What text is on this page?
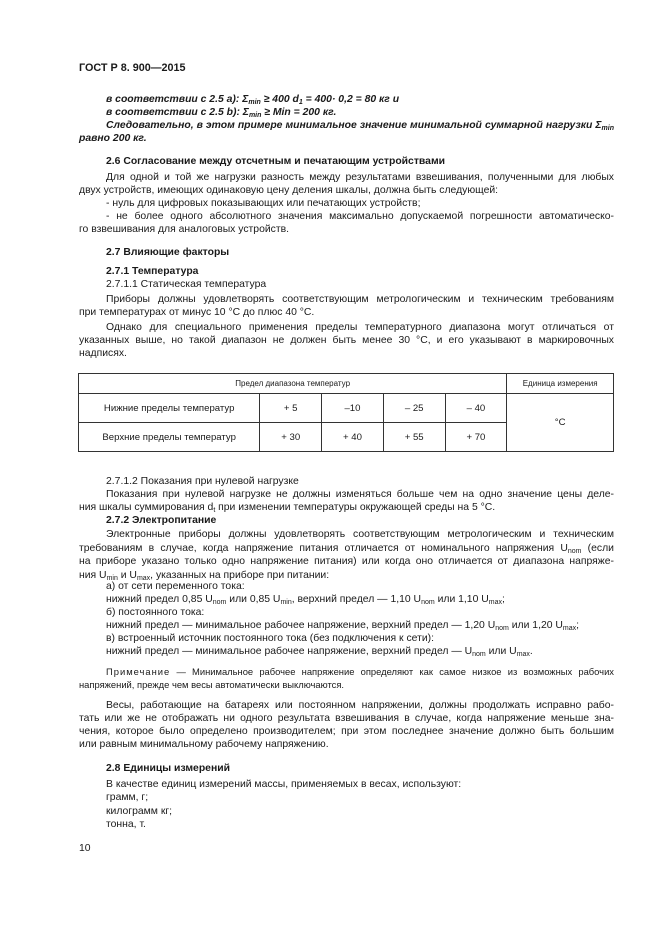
ГОСТ Р 8. 900—2015
в соответствии с 2.5 а): $\Sigma_{min} \ge 400$ $d_1 = 400\cdot 0,2 = 80$ кг и
в соответствии с 2.5 b): $\Sigma_{min}$ ≥ Min = 200 кг.
Следовательно, в этом примере минимальное значение минимальной суммарной нагрузки $\Sigma_{min}$
равно 200 кг.
2.6 Согласование между отсчетным и печатающим устройствами
Для одной и той же нагрузки разность между результатами взвешивания, полученными для любых
двух устройств, имеющих одинаковую цену деления шкалы, должна быть следующей:
- нуль для цифровых показывающих или печатающих устройств;
- не более одного абсолютного значения максимально допускаемой погрешности автоматическо-
го взвешивания для аналоговых устройств.
2.7 Влияющие факторы
2.7.1 Температура
2.7.1.1 Статическая температура
Приборы должны удовлетворять соответствующим метрологическим и техническим требованиям
при температурах от минус 10 °C до плюс 40 °C.
Однако для специального применения пределы температурного диапазона могут отличаться от
указанных выше, но такой диапазон не должен быть менее 30 °C, и его указывают в маркировочных
надписях.
Предел диапазона температур					Единица измерения
Нижние пределы температур	+ 5	–10	– 25	– 40	°C
Верхние пределы температур	+ 30	+ 40	+ 55	+ 70	
2.7.1.2 Показания при нулевой нагрузке
Показания при нулевой нагрузке не должны изменяться больше чем на одно значение цены деле-
ния шкалы суммирования $d_t$ при изменении температуры окружающей среды на 5 °C.
2.7.2 Электропитание
Электронные приборы должны удовлетворять соответствующим метрологическим и техническим
требованиям в случае, когда напряжение питания отличается от номинального напряжения $U_{nom}$ (если
на приборе указано только одно напряжение питания) или когда оно отличается от диапазона напряже-
ния $U_{min}$ и $U_{max}$, указанных на приборе при питании:
а) от сети переменного тока:
нижний предел 0,85 $U_{nom}$ или 0,85 $U_{min}$, верхний предел — 1,10 $U_{nom}$ или 1,10 $U_{max}$;
б) постоянного тока:
нижний предел — минимальное рабочее напряжение, верхний предел — 1,20 $U_{nom}$ или 1,20 $U_{max}$;
в) встроенный источник постоянного тока (без подключения к сети):
нижний предел — минимальное рабочее напряжение, верхний предел — $U_{nom}$ или $U_{max}$.
Примечание — Минимальное рабочее напряжение определяют как самое низкое из возможных рабочих
напряжений, прежде чем весы автоматически выключаются.
Весы, работающие на батареях или постоянном напряжении, должны продолжать исправно рабо-
тать или же не отображать ни одного результата взвешивания в случае, когда напряжение меньше зна-
чения, которое было определено производителем; при этом последнее значение должно быть большим
или равным минимальному рабочему напряжению.
2.8 Единицы измерений
В качестве единиц измерений массы, применяемых в весах, используют:
грамм, г;
килограмм кг;
тонна, т.
10
